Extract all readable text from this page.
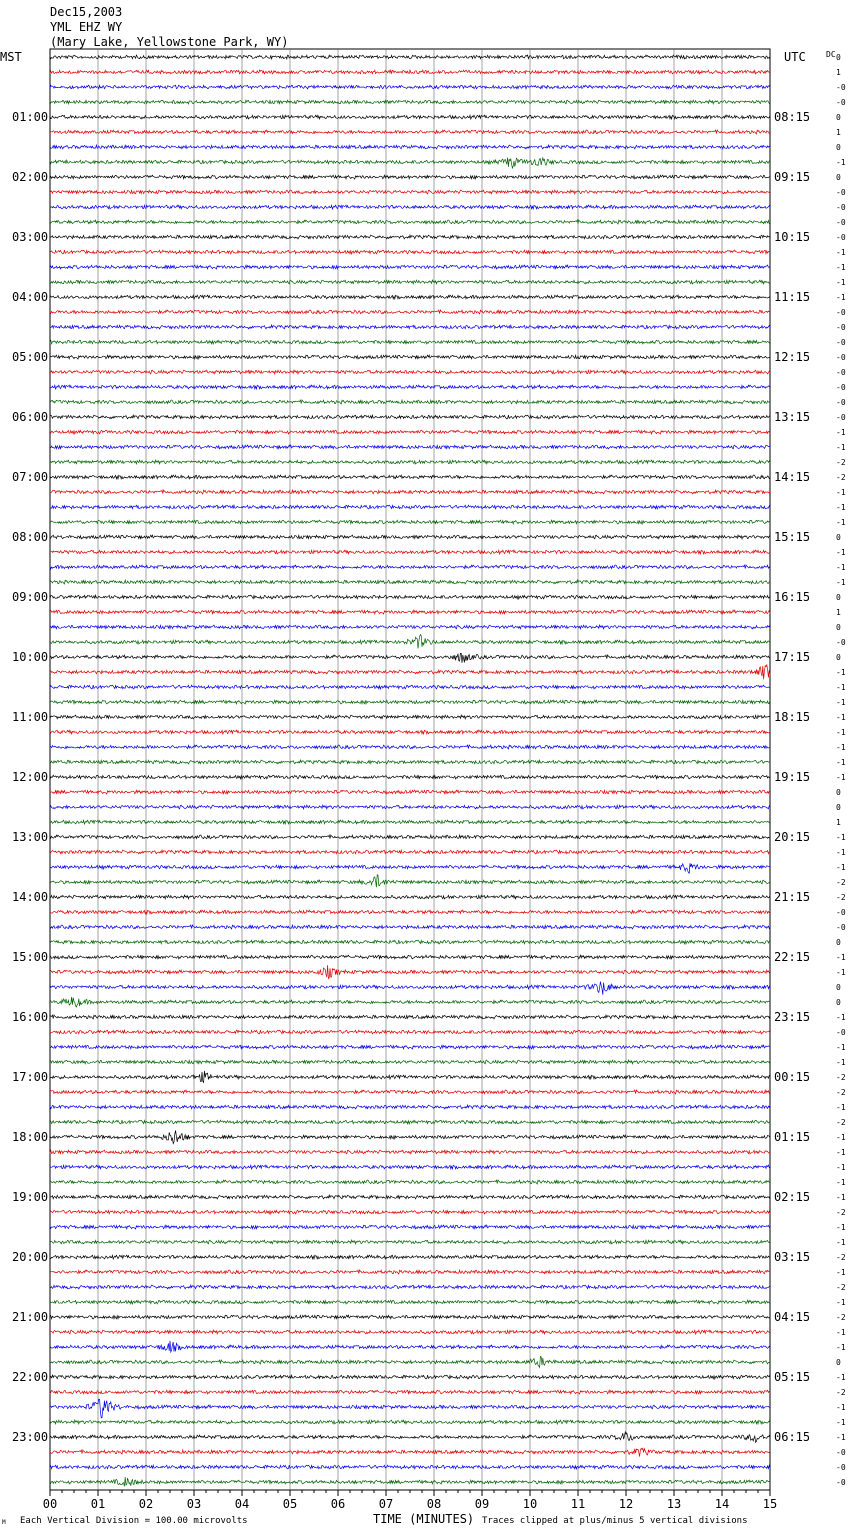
Dec15,2003
YML EHZ WY
(Mary Lake, Yellowstone Park, WY)
MST	UTC	DC
01:00
02:00
03:00
04:00
05:00
06:00
07:00
08:00
09:00
10:00
11:00
12:00
13:00
14:00
15:00
16:00
17:00
18:00
19:00
20:00
21:00
22:00
23:00
08:15
09:15
10:15
11:15
12:15
13:15
14:15
15:15
16:15
17:15
18:15
19:15
20:15
21:15
22:15
23:15
00:15
01:15
02:15
03:15
04:15
05:15
06:15
0
1
-0
-0
0
1
0
-1
0
-0
-0
-0
-0
-1
-1
-1
-1
-0
-0
-0
-0
-0
-0
-0
-0
-1
-1
-2
-2
-1
-1
-1
0
-1
-1
-1
0
1
0
-0
0
-1
-1
-1
-1
-1
-1
-1
-1
0
0
1
-1
-1
-1
-2
-2
-0
-0
0
-1
-1
0
0
-1
-0
-1
-1
-2
-2
-1
-2
-1
-1
-1
-1
-1
-2
-1
-1
-2
-1
-2
-1
-2
-1
-1
0
-1
-2
-1
-1
-1
-0
-0
-0
00	01	02	03	04	05	06	07	08	09	10	11	12	13	14	15
M Each Vertical Division = 100.00 microvolts	TIME (MINUTES) Traces clipped at plus/minus 5 vertical divisions
